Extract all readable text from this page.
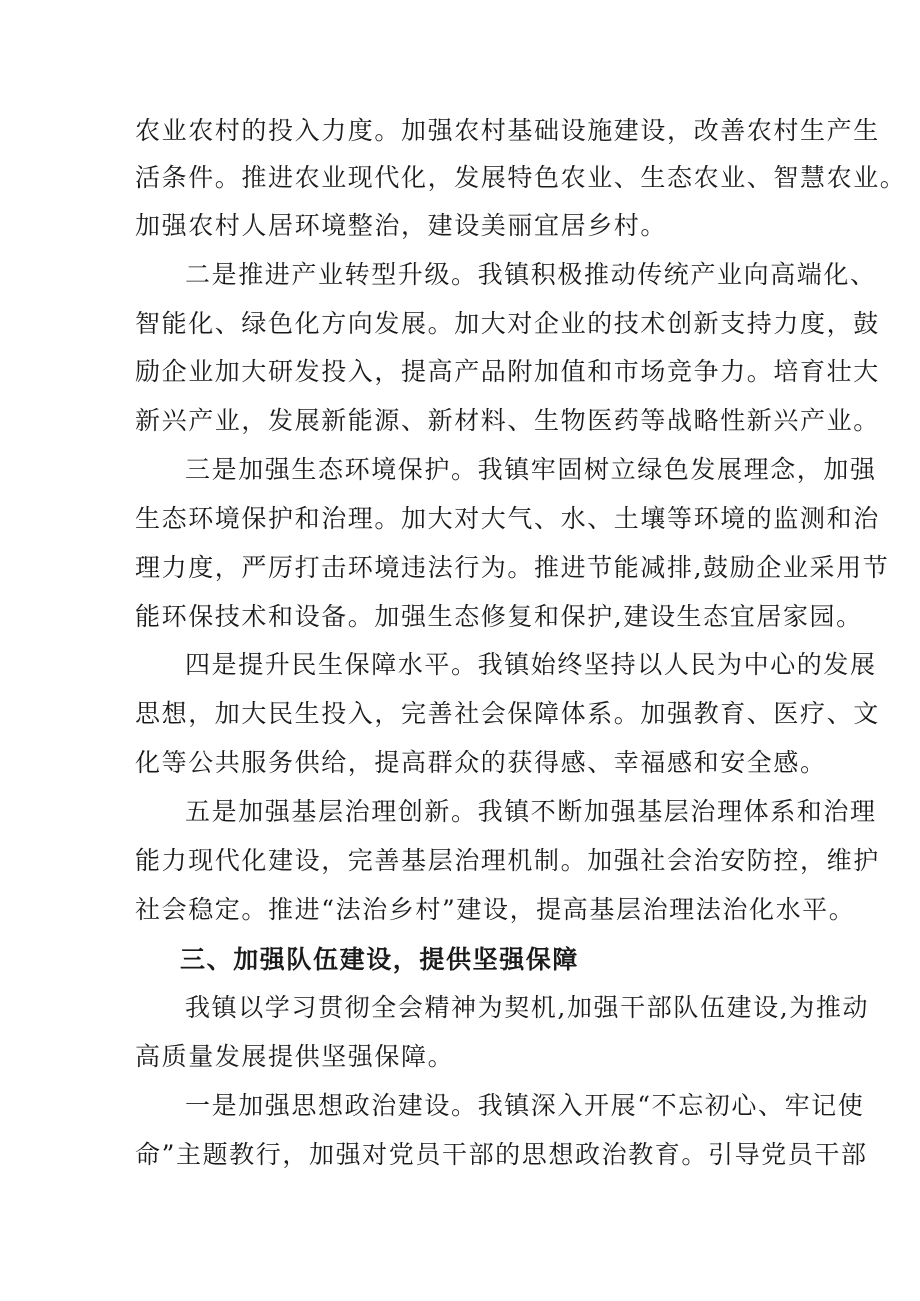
农业农村的投入力度。加强农村基础设施建设，改善农村生产生
活条件。推进农业现代化，发展特色农业、生态农业、智慧农业。
加强农村人居环境整治，建设美丽宜居乡村。
二是推进产业转型升级。我镇积极推动传统产业向高端化、
智能化、绿色化方向发展。加大对企业的技术创新支持力度，鼓
励企业加大研发投入，提高产品附加值和市场竞争力。培育壮大
新兴产业，发展新能源、新材料、生物医药等战略性新兴产业。
三是加强生态环境保护。我镇牢固树立绿色发展理念，加强
生态环境保护和治理。加大对大气、水、土壤等环境的监测和治
理力度，严厉打击环境违法行为。推进节能减排,鼓励企业采用节
能环保技术和设备。加强生态修复和保护,建设生态宜居家园。
四是提升民生保障水平。我镇始终坚持以人民为中心的发展
思想，加大民生投入，完善社会保障体系。加强教育、医疗、文
化等公共服务供给，提高群众的获得感、幸福感和安全感。
五是加强基层治理创新。我镇不断加强基层治理体系和治理
能力现代化建设，完善基层治理机制。加强社会治安防控，维护
社会稳定。推进“法治乡村”建设，提高基层治理法治化水平。
三、加强队伍建设，提供坚强保障
我镇以学习贯彻全会精神为契机,加强干部队伍建设,为推动
高质量发展提供坚强保障。
一是加强思想政治建设。我镇深入开展“不忘初心、牢记使
命”主题教行，加强对党员干部的思想政治教育。引导党员干部
